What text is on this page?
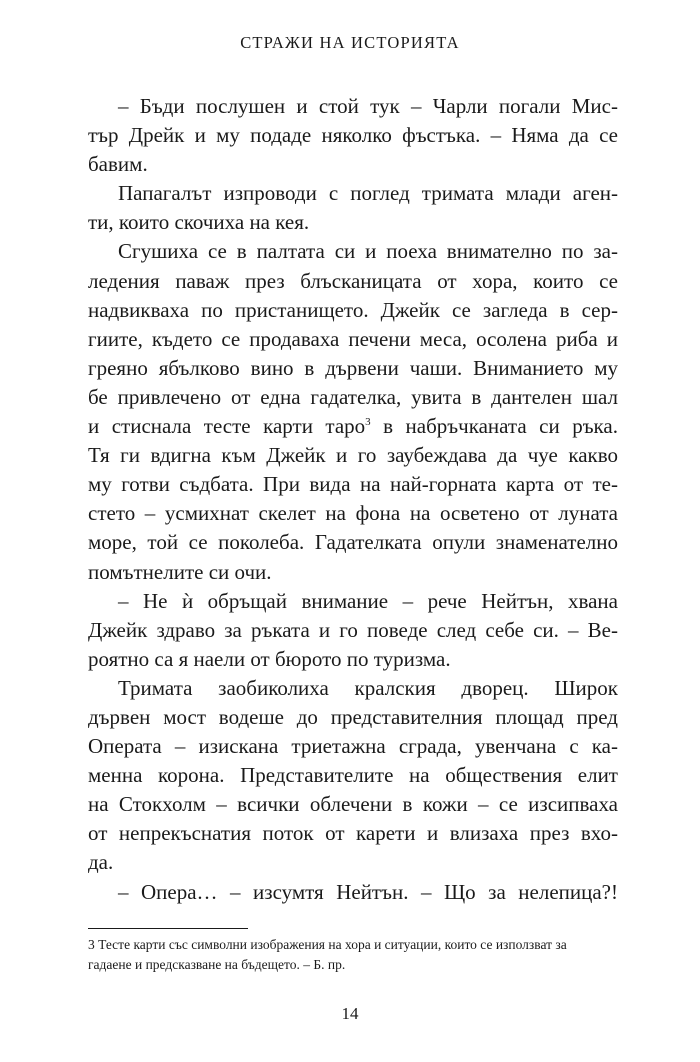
СТРАЖИ НА ИСТОРИЯТА
– Бъди послушен и стой тук – Чарли погали Мис-
тър Дрейк и му подаде няколко фъстъка. – Няма да се
бавим.
Папагалът изпроводи с поглед тримата млади аген-
ти, които скочиха на кея.
Сгушиха се в палтата си и поеха внимателно по за-
ледения паваж през блъсканицата от хора, които се
надвикваха по пристанището. Джейк се загледа в сер-
гиите, където се продаваха печени меса, осолена риба и
греяно ябълково вино в дървени чаши. Вниманието му
бе привлечено от една гадателка, увита в дантелен шал
и стиснала тесте карти таро$^3$ в набръчканата си ръка.
Тя ги вдигна към Джейк и го заубеждава да чуе какво
му готви съдбата. При вида на най-горната карта от те-
стето – усмихнат скелет на фона на осветено от луната
море, той се поколеба. Гадателката опули знаменателно
помътнелите си очи.
– Не ѝ обръщай внимание – рече Нейтън, хвана
Джейк здраво за ръката и го поведе след себе си. – Ве-
роятно са я наели от бюрото по туризма.
Тримата заобиколиха кралския дворец. Широк
дървен мост водеше до представителния площад пред
Операта – изискана триетажна сграда, увенчана с ка-
менна корона. Представителите на обществения елит
на Стокхолм – всички облечени в кожи – се изсипваха
от непрекъснатия поток от карети и влизаха през вхо-
да.
– Опера… – изсумтя Нейтън. – Що за нелепица?!
3 Тесте карти със символни изображения на хора и ситуации, които се използват за
гадаене и предсказване на бъдещето. – Б. пр.
14
